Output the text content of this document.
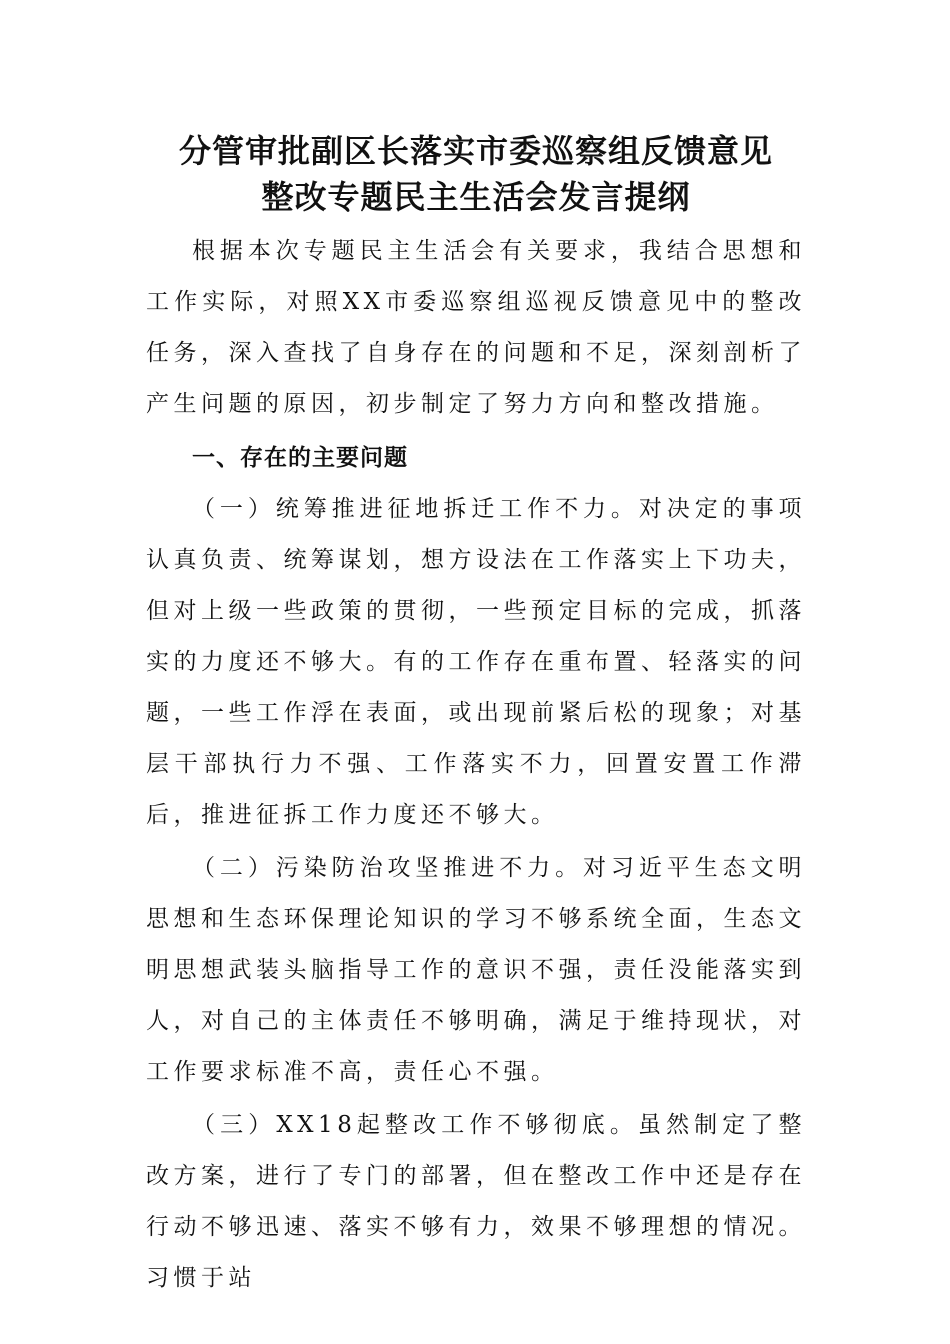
分管审批副区长落实市委巡察组反馈意见
整改专题民主生活会发言提纲

根据本次专题民主生活会有关要求，我结合思想和工作实际，对照XX市委巡察组巡视反馈意见中的整改任务，深入查找了自身存在的问题和不足，深刻剖析了产生问题的原因，初步制定了努力方向和整改措施。

一、存在的主要问题

（一）统筹推进征地拆迁工作不力。对决定的事项认真负责、统筹谋划，想方设法在工作落实上下功夫，但对上级一些政策的贯彻，一些预定目标的完成，抓落实的力度还不够大。有的工作存在重布置、轻落实的问题，一些工作浮在表面，或出现前紧后松的现象；对基层干部执行力不强、工作落实不力，回置安置工作滞后，推进征拆工作力度还不够大。

（二）污染防治攻坚推进不力。对习近平生态文明思想和生态环保理论知识的学习不够系统全面，生态文明思想武装头脑指导工作的意识不强，责任没能落实到人，对自己的主体责任不够明确，满足于维持现状，对工作要求标准不高，责任心不强。

（三）XX18起整改工作不够彻底。虽然制定了整改方案，进行了专门的部署，但在整改工作中还是存在行动不够迅速、落实不够有力，效果不够理想的情况。习惯于站
